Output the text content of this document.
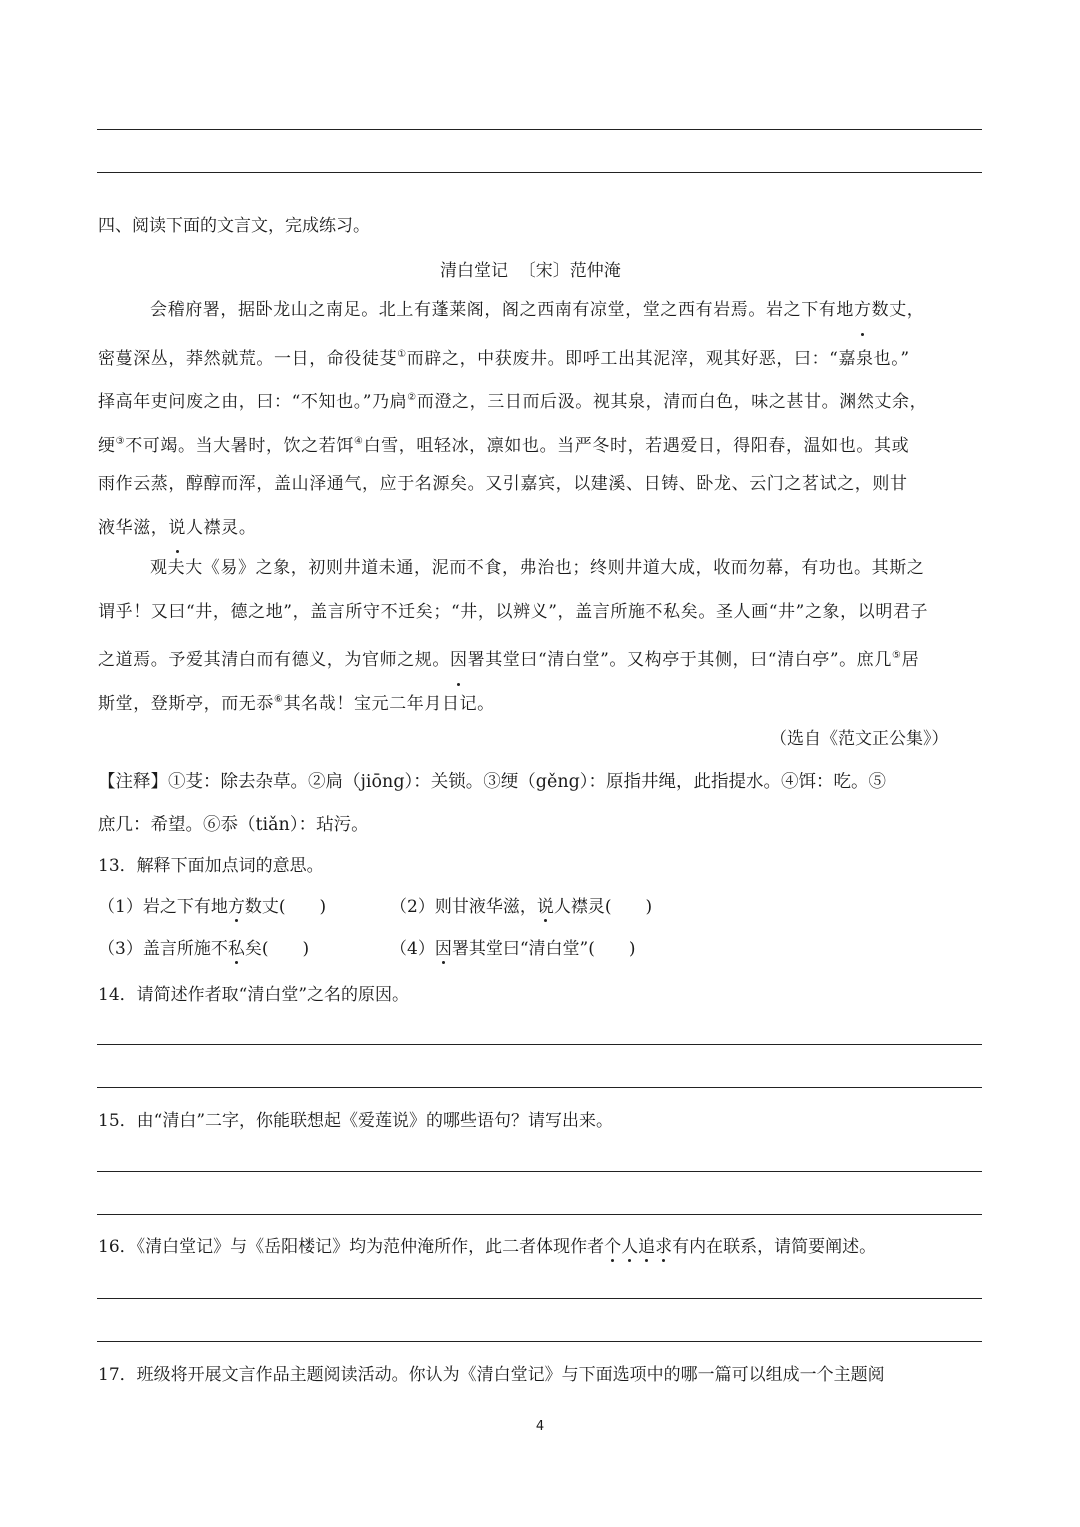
四、阅读下面的文言文，完成练习。
清白堂记  〔宋〕范仲淹
会稽府署，据卧龙山之南足。北上有蓬莱阁，阁之西南有凉堂，堂之西有岩焉。岩之下有地方数丈，
密蔓深丛，莽然就荒。一日，命役徒芟①而辟之，中获废井。即呼工出其泥滓，观其好恶，曰：“嘉泉也。”
择高年吏问废之由，曰：“不知也。”乃扃②而澄之，三日而后汲。视其泉，清而白色，味之甚甘。渊然丈余，
绠③不可竭。当大暑时，饮之若饵④白雪，咀轻冰，凛如也。当严冬时，若遇爱日，得阳春，温如也。其或
雨作云蒸，醇醇而浑，盖山泽通气，应于名源矣。又引嘉宾，以建溪、日铸、卧龙、云门之茗试之，则甘
液华滋，说人襟灵。
观夫大《易》之象，初则井道未通，泥而不食，弗治也；终则井道大成，收而勿幕，有功也。其斯之
谓乎！又曰“井，德之地”，盖言所守不迁矣；“井，以辨义”，盖言所施不私矣。圣人画“井”之象，以明君子
之道焉。予爱其清白而有德义，为官师之规。因署其堂曰“清白堂”。又构亭于其侧，曰“清白亭”。庶几⑤居
斯堂，登斯亭，而无忝⑥其名哉！宝元二年月日记。
（选自《范文正公集》）
【注释】①芟：除去杂草。②扃（jiōng）：关锁。③绠（gěng）：原指井绳，此指提水。④饵：吃。⑤
庶几：希望。⑥忝（tiǎn）：玷污。
13．解释下面加点词的意思。
（1）岩之下有地方数丈(　　)	（2）则甘液华滋，说人襟灵(　　)
（3）盖言所施不私矣(　　)	（4）因署其堂曰“清白堂”(　　)
14．请简述作者取“清白堂”之名的原因。
15．由“清白”二字，你能联想起《爱莲说》的哪些语句？请写出来。
16．《清白堂记》与《岳阳楼记》均为范仲淹所作，此二者体现作者个人追求有内在联系，请简要阐述。
17．班级将开展文言作品主题阅读活动。你认为《清白堂记》与下面选项中的哪一篇可以组成一个主题阅
4
